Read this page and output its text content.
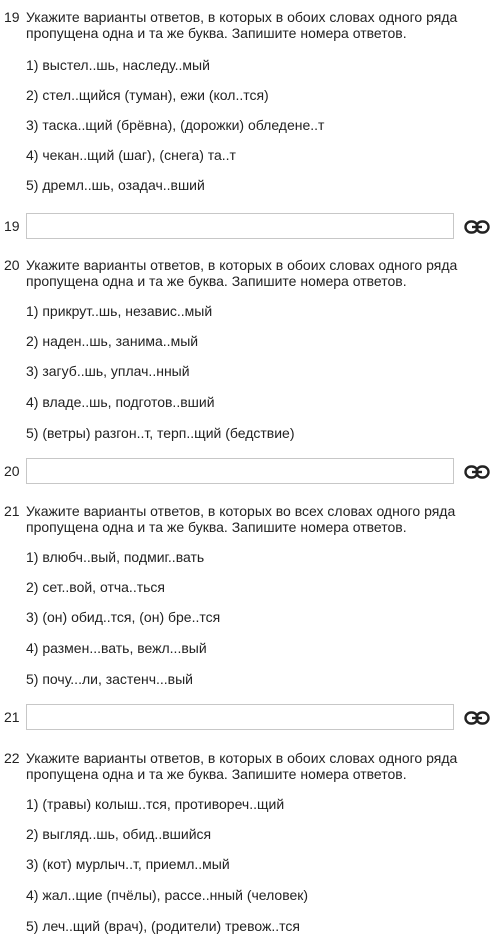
19 Укажите варианты ответов, в которых в обоих словах одного ряда пропущена одна и та же буква. Запишите номера ответов.
1) выстел..шь, наследу..мый
2) стел..щийся (туман), ежи (кол..тся)
3) таска..щий (брёвна), (дорожки) обледене..т
4) чекан..щий (шаг), (снега) та..т
5) дремл..шь, озадач..вший
19
20 Укажите варианты ответов, в которых в обоих словах одного ряда пропущена одна и та же буква. Запишите номера ответов.
1) прикрут..шь, независ..мый
2) наден..шь, занима..мый
3) загуб..шь, уплач..нный
4) владе..шь, подготов..вший
5) (ветры) разгон..т, терп..щий (бедствие)
20
21 Укажите варианты ответов, в которых во всех словах одного ряда пропущена одна и та же буква. Запишите номера ответов.
1) влюбч..вый, подмиг..вать
2) сет..вой, отча..ться
3) (он) обид..тся, (он) бре..тся
4) размен...вать, вежл...вый
5) почу...ли, застенч...вый
21
22 Укажите варианты ответов, в которых в обоих словах одного ряда пропущена одна и та же буква. Запишите номера ответов.
1) (травы) колыш..тся, противореч..щий
2) выгляд..шь, обид..вшийся
3) (кот) мурлыч..т, приемл..мый
4) жал..щие (пчёлы), рассе..нный (человек)
5) леч..щий (врач), (родители) тревож..тся
